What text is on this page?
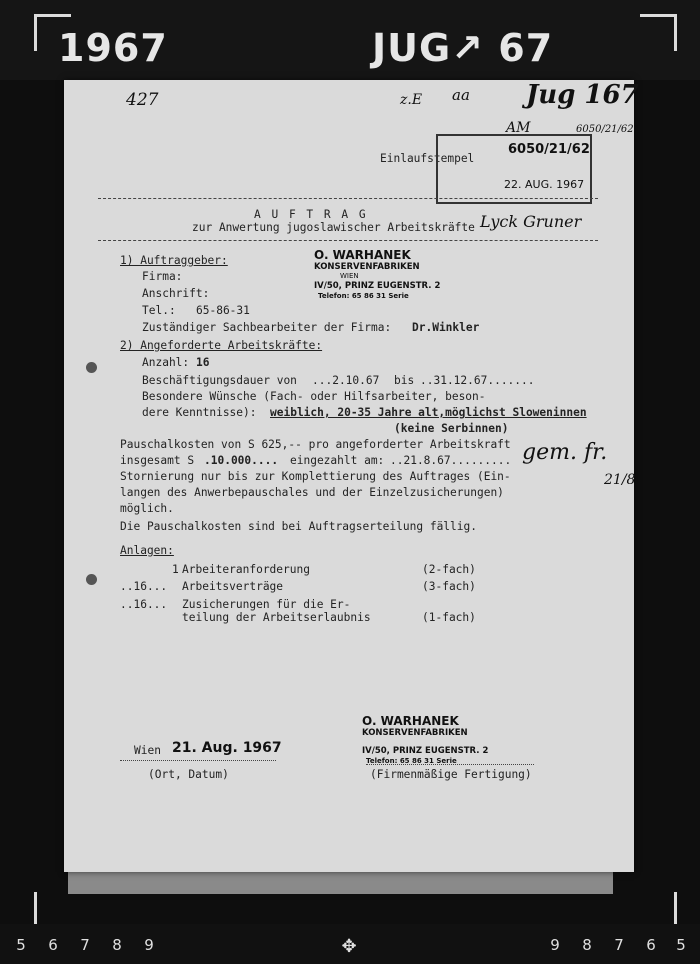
1967	JUG↗ 67
427	z.E aa Jug 167
Einlaufstempel
6050/21/62
22. AUG. 1967
AM	6050/21/62
Lyck Gruner
A U F T R A G
zur Anwertung jugoslawischer Arbeitskräfte
O. WARHANEK
KONSERVENFABRIKEN
WIEN
IV/50, PRINZ EUGENSTR. 2
Telefon: 65 86 31 Serie
1) Auftraggeber:
Firma:
Anschrift:
Tel.: 65-86-31
Zuständiger Sachbearbeiter der Firma: Dr.Winkler
2) Angeforderte Arbeitskräfte:
Anzahl: 16
Beschäftigungsdauer von ...2.10.67 bis ..31.12.67.......
Besondere Wünsche (Fach- oder Hilfsarbeiter, beson-
dere Kenntnisse): weiblich, 20-35 Jahre alt,möglichst Sloweninnen
(keine Serbinnen)
Pauschalkosten von S 625,-- pro angeforderter Arbeitskraft
insgesamt S .10.000.... eingezahlt am: ..21.8.67......... gem. fr.
21/8
Stornierung nur bis zur Komplettierung des Auftrages (Ein-
langen des Anwerbepauschales und der Einzelzusicherungen)
möglich.
Die Pauschalkosten sind bei Auftragserteilung fällig.
Anlagen:
1 Arbeiteranforderung	(2-fach)
..16... Arbeitsverträge	(3-fach)
..16... Zusicherungen für die Er-
teilung der Arbeitserlaubnis	(1-fach)
O. WARHANEK
KONSERVENFABRIKEN
IV/50, PRINZ EUGENSTR. 2
Telefon: 65 86 31 Serie
Wien 21. Aug. 1967
(Ort, Datum)	(Firmenmäßige Fertigung)
5 6 7 8 9	✥	9 8 7 6 5
